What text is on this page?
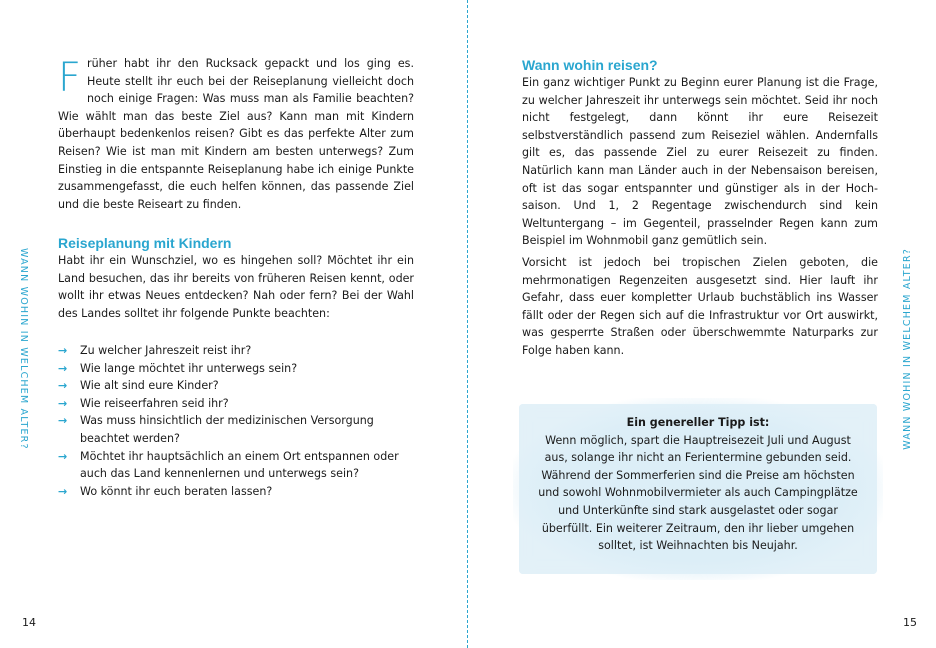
WANN WOHIN IN WELCHEM ALTER?
F rüher habt ihr den Rucksack gepackt und los ging es. Heute stellt ihr euch bei der Reiseplanung vielleicht doch noch einige Fragen: Was muss man als Familie beachten? Wie wählt man das beste Ziel aus? Kann man mit Kindern überhaupt bedenkenlos reisen? Gibt es das perfekte Alter zum Reisen? Wie ist man mit Kindern am besten unterwegs? Zum Einstieg in die entspannte Reiseplanung habe ich einige Punkte zusammengefasst, die euch helfen können, das passende Ziel und die beste Reiseart zu finden.

Reiseplanung mit Kindern

Habt ihr ein Wunschziel, wo es hingehen soll? Möchtet ihr ein Land besuchen, das ihr bereits von früheren Reisen kennt, oder wollt ihr etwas Neues entdecken? Nah oder fern? Bei der Wahl des Landes solltet ihr folgende Punkte beachten:

→	Zu welcher Jahreszeit reist ihr?
→	Wie lange möchtet ihr unterwegs sein?
→	Wie alt sind eure Kinder?
→	Wie reiseerfahren seid ihr?
→	Was muss hinsichtlich der medizinischen Versorgung beachtet werden?
→	Möchtet ihr hauptsächlich an einem Ort entspannen oder auch das Land kennenlernen und unterwegs sein?
→	Wo könnt ihr euch beraten lassen?
14
Wann wohin reisen?

Ein ganz wichtiger Punkt zu Beginn eurer Planung ist die Frage, zu welcher Jahreszeit ihr unterwegs sein möchtet. Seid ihr noch nicht festgelegt, dann könnt ihr eure Reisezeit selbstverständlich passend zum Reiseziel wählen. Andernfalls gilt es, das passende Ziel zu eurer Reisezeit zu finden. Natürlich kann man Länder auch in der Nebensaison bereisen, oft ist das sogar entspannter und günstiger als in der Hochsaison. Und 1, 2 Regentage zwischendurch sind kein Weltuntergang – im Gegenteil, prasselnder Regen kann zum Beispiel im Wohnmobil ganz gemütlich sein.

Vorsicht ist jedoch bei tropischen Zielen geboten, die mehrmonatigen Regenzeiten ausgesetzt sind. Hier lauft ihr Gefahr, dass euer kompletter Urlaub buchstäblich ins Wasser fällt oder der Regen sich auf die Infrastruktur vor Ort auswirkt, was gesperrte Straßen oder überschwemmte Naturparks zur Folge haben kann.

Ein genereller Tipp ist:
Wenn möglich, spart die Hauptreisezeit Juli und August aus, solange ihr nicht an Ferientermine gebunden seid. Während der Sommerferien sind die Preise am höchsten und sowohl Wohnmobilvermieter als auch Campingplätze und Unterkünfte sind stark ausgelastet oder sogar überfüllt. Ein weiterer Zeitraum, den ihr lieber umgehen solltet, ist Weihnachten bis Neujahr.
WANN WOHIN IN WELCHEM ALTER?
15
